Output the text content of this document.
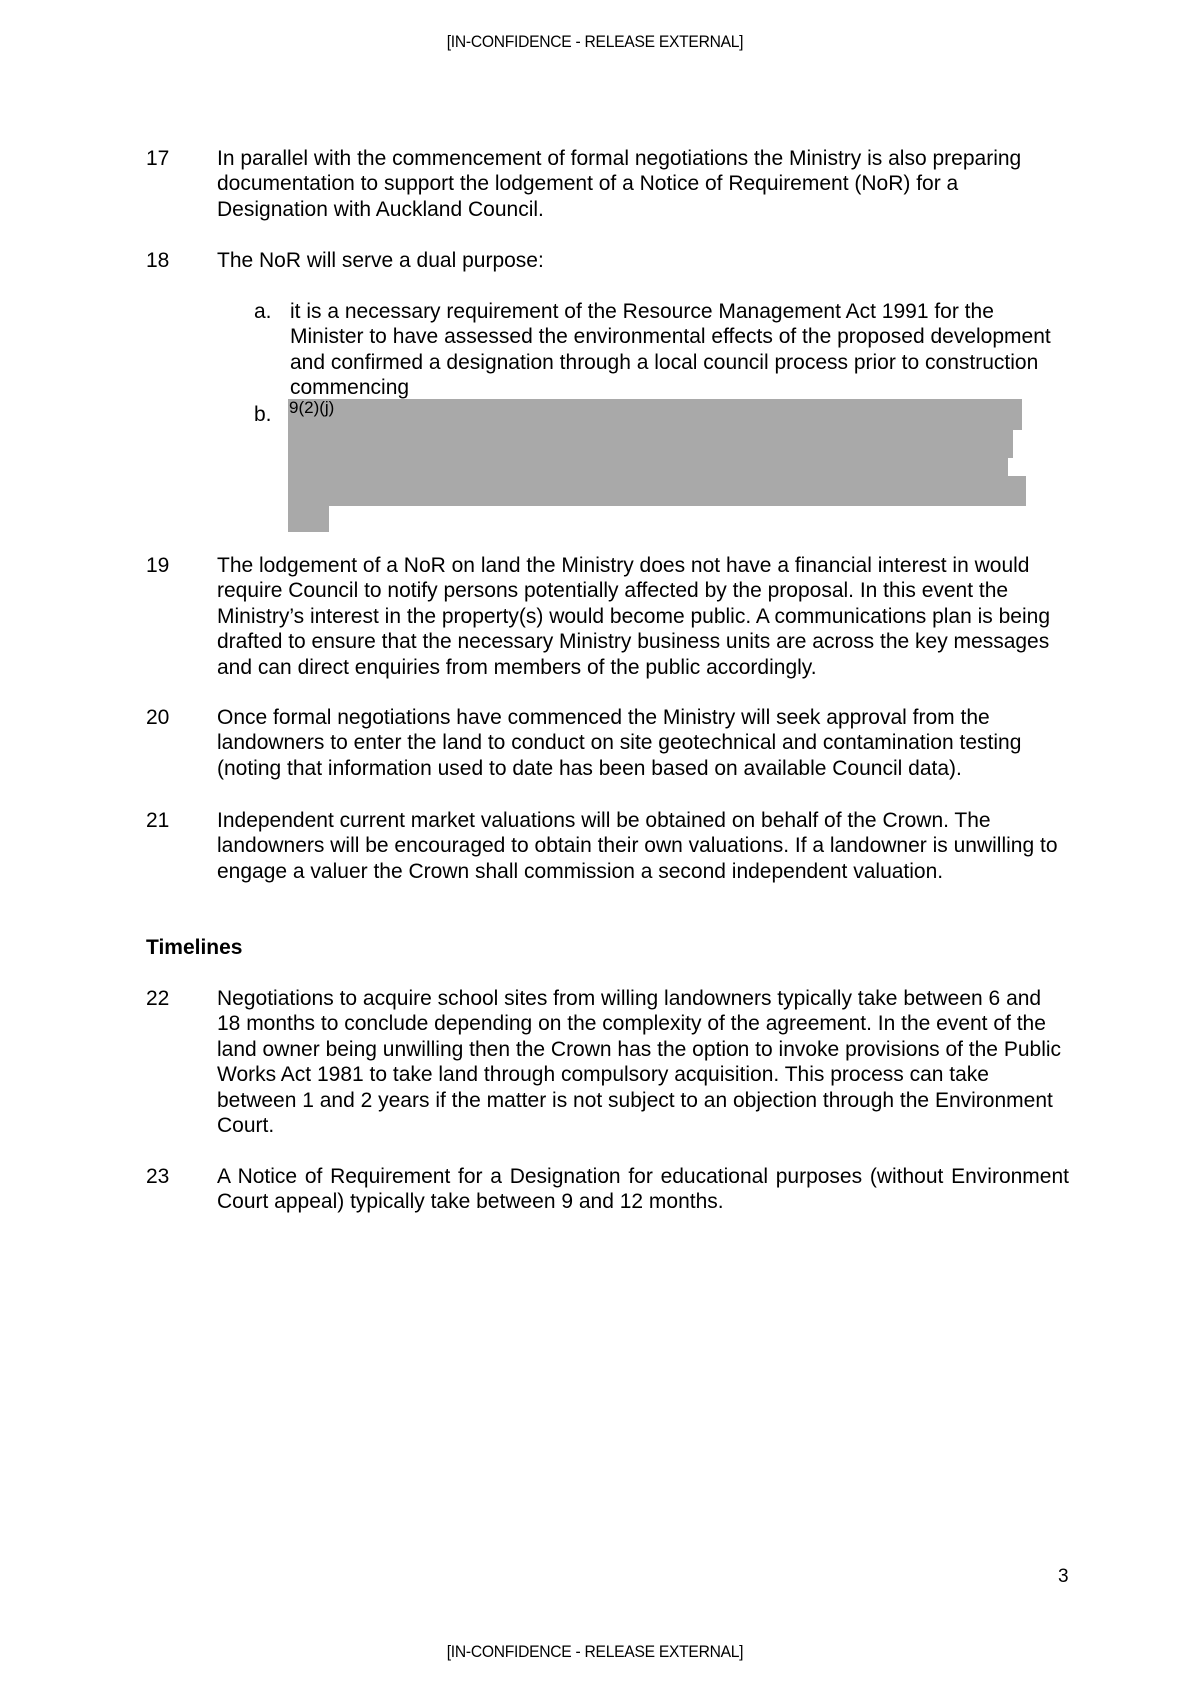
[IN-CONFIDENCE - RELEASE EXTERNAL]
17 In parallel with the commencement of formal negotiations the Ministry is also preparing documentation to support the lodgement of a Notice of Requirement (NoR) for a Designation with Auckland Council.
18 The NoR will serve a dual purpose:
a. it is a necessary requirement of the Resource Management Act 1991 for the Minister to have assessed the environmental effects of the proposed development and confirmed a designation through a local council process prior to construction commencing
b. 9(2)(j)
19 The lodgement of a NoR on land the Ministry does not have a financial interest in would require Council to notify persons potentially affected by the proposal. In this event the Ministry’s interest in the property(s) would become public. A communications plan is being drafted to ensure that the necessary Ministry business units are across the key messages and can direct enquiries from members of the public accordingly.
20 Once formal negotiations have commenced the Ministry will seek approval from the landowners to enter the land to conduct on site geotechnical and contamination testing (noting that information used to date has been based on available Council data).
21 Independent current market valuations will be obtained on behalf of the Crown. The landowners will be encouraged to obtain their own valuations. If a landowner is unwilling to engage a valuer the Crown shall commission a second independent valuation.
Timelines
22 Negotiations to acquire school sites from willing landowners typically take between 6 and 18 months to conclude depending on the complexity of the agreement. In the event of the land owner being unwilling then the Crown has the option to invoke provisions of the Public Works Act 1981 to take land through compulsory acquisition. This process can take between 1 and 2 years if the matter is not subject to an objection through the Environment Court.
23 A Notice of Requirement for a Designation for educational purposes (without Environment Court appeal) typically take between 9 and 12 months.
3
[IN-CONFIDENCE - RELEASE EXTERNAL]
